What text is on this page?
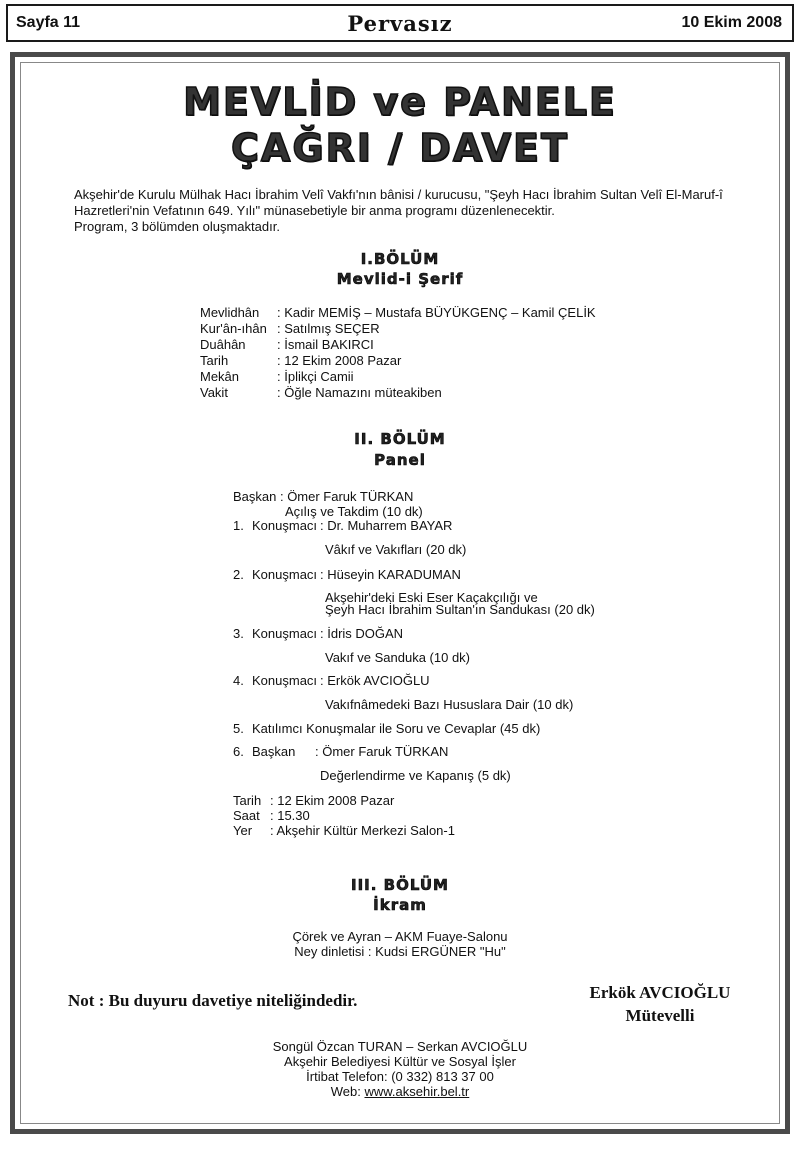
Sayfa 11	Pervasız	10 Ekim 2008
MEVLİD ve PANELE
ÇAĞRI / DAVET
Akşehir'de Kurulu Mülhak Hacı İbrahim Velî Vakfı'nın bânisi / kurucusu, "Şeyh Hacı İbrahim Sultan Velî El-Maruf-î Hazretleri'nin Vefatının 649. Yılı" münasebetiyle bir anma programı düzenlenecektir.
Program, 3 bölümden oluşmaktadır.
I.BÖLÜM
Mevlid-i Şerif
Mevlidhân : Kadir MEMİŞ – Mustafa BÜYÜKGENÇ – Kamil ÇELİK
Kur'ân-ıhân : Satılmış SEÇER
Duâhân : İsmail BAKIRCI
Tarih	: 12 Ekim 2008 Pazar
Mekân	: İplikçi Camii
Vakit	: Öğle Namazını müteakiben
II. BÖLÜM
Panel
Başkan : Ömer Faruk TÜRKAN
Açılış ve Takdim (10 dk)
1. Konuşmacı : Dr. Muharrem BAYAR
Vâkıf ve Vakıfları (20 dk)
2. Konuşmacı : Hüseyin KARADUMAN
Akşehir'deki Eski Eser Kaçakçılığı ve
Şeyh Hacı İbrahim Sultan'ın Sandukası (20 dk)
3. Konuşmacı : İdris DOĞAN
Vakıf ve Sanduka (10 dk)
4. Konuşmacı : Erkök AVCIOĞLU
Vakıfnâmedeki Bazı Hususlara Dair (10 dk)
5. Katılımcı Konuşmalar ile Soru ve Cevaplar (45 dk)
6. Başkan : Ömer Faruk TÜRKAN
Değerlendirme ve Kapanış (5 dk)
Tarih : 12 Ekim 2008 Pazar
Saat : 15.30
Yer : Akşehir Kültür Merkezi Salon-1
III. BÖLÜM
İkram
Çörek ve Ayran – AKM Fuaye-Salonu
Ney dinletisi : Kudsi ERGÜNER "Hu"
Not : Bu duyuru davetiye niteliğindedir.	Erkök AVCIOĞLU
Mütevelli
Songül Özcan TURAN – Serkan AVCIOĞLU
Akşehir Belediyesi Kültür ve Sosyal İşler
İrtibat Telefon: (0 332) 813 37 00
Web: www.aksehir.bel.tr
